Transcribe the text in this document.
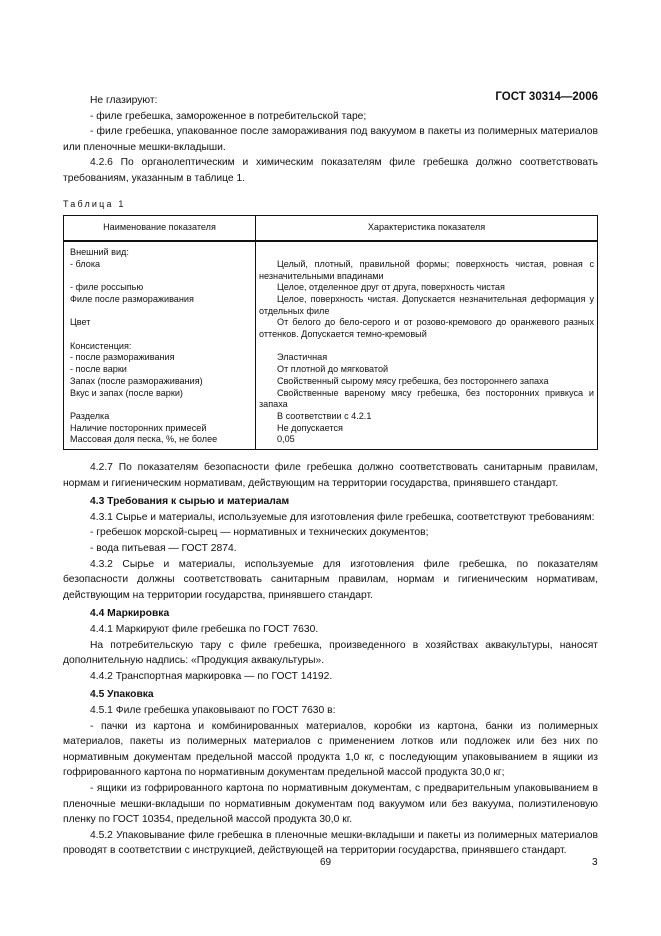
ГОСТ 30314—2006

Не глазируют:

- филе гребешка, замороженное в потребительской таре;

- филе гребешка, упакованное после замораживания под вакуумом в пакеты из полимерных материалов или пленочные мешки-вкладыши.

4.2.6 По органолептическим и химическим показателям филе гребешка должно соответствовать требованиям, указанным в таблице 1.

Таблица 1
Наименование показателя	Характеристика показателя
Внешний вид:	
- блока	Целый, плотный, правильной формы; поверхность чистая, ровная с незначительными впадинами
- филе россыпью	Целое, отделенное друг от друга, поверхность чистая
Филе после размораживания	Целое, поверхность чистая. Допускается незначительная деформация у отдельных филе
Цвет	От белого до бело-серого и от розово-кремового до оранжевого разных оттенков. Допускается темно-кремовый
Консистенция:	
- после размораживания	Эластичная
- после варки	От плотной до мягковатой
Запах (после размораживания)	Свойственный сырому мясу гребешка, без постороннего запаха
Вкус и запах (после варки)	Свойственные вареному мясу гребешка, без посторонних привкуса и запаха
Разделка	В соответствии с 4.2.1
Наличие посторонних примесей	Не допускается
Массовая доля песка, %, не более	0,05

4.2.7 По показателям безопасности филе гребешка должно соответствовать санитарным правилам, нормам и гигиеническим нормативам, действующим на территории государства, принявшего стандарт.

4.3 Требования к сырью и материалам

4.3.1 Сырье и материалы, используемые для изготовления филе гребешка, соответствуют требованиям:

- гребешок морской-сырец — нормативных и технических документов;

- вода питьевая — ГОСТ 2874.

4.3.2 Сырье и материалы, используемые для изготовления филе гребешка, по показателям безопасности должны соответствовать санитарным правилам, нормам и гигиеническим нормативам, действующим на территории государства, принявшего стандарт.

4.4 Маркировка

4.4.1 Маркируют филе гребешка по ГОСТ 7630.

На потребительскую тару с филе гребешка, произведенного в хозяйствах аквакультуры, наносят дополнительную надпись: «Продукция аквакультуры».

4.4.2 Транспортная маркировка — по ГОСТ 14192.

4.5 Упаковка

4.5.1 Филе гребешка упаковывают по ГОСТ 7630 в:

- пачки из картона и комбинированных материалов, коробки из картона, банки из полимерных материалов, пакеты из полимерных материалов с применением лотков или подложек или без них по нормативным документам предельной массой продукта 1,0 кг, с последующим упаковыванием в ящики из гофрированного картона по нормативным документам предельной массой продукта 30,0 кг;

- ящики из гофрированного картона по нормативным документам, с предварительным упаковыванием в пленочные мешки-вкладыши по нормативным документам под вакуумом или без вакуума, полиэтиленовую пленку по ГОСТ 10354, предельной массой продукта 30,0 кг.

4.5.2 Упаковывание филе гребешка в пленочные мешки-вкладыши и пакеты из полимерных материалов проводят в соответствии с инструкцией, действующей на территории государства, принявшего стандарт.

69	3
